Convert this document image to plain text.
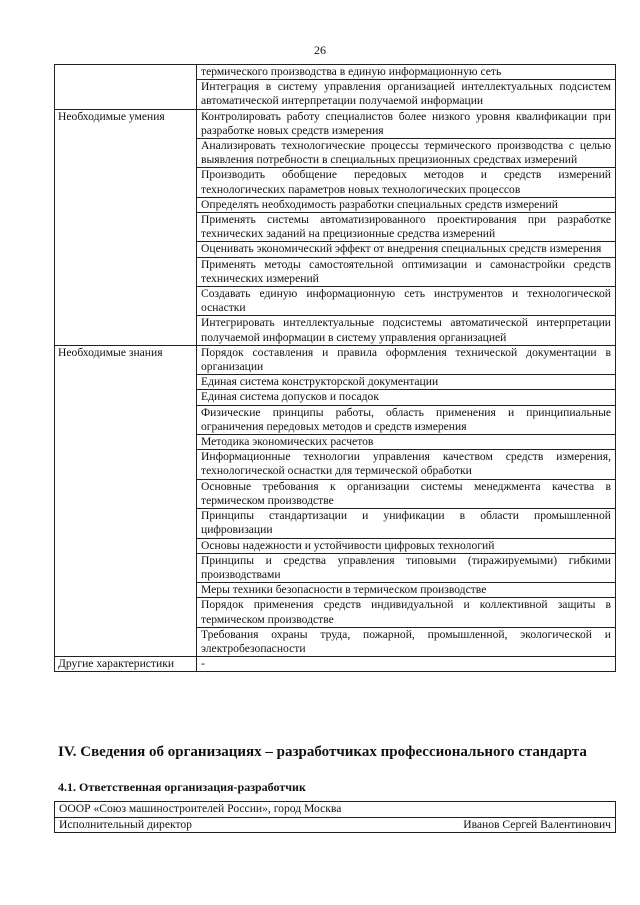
26
	термического производства в единую информационную сеть
	Интеграция в систему управления организацией интеллектуальных подсистем автоматической интерпретации получаемой информации
Необходимые умения	Контролировать работу специалистов более низкого уровня квалификации при разработке новых средств измерения
	Анализировать технологические процессы термического производства с целью выявления потребности в специальных прецизионных средствах измерений
	Производить обобщение передовых методов и средств измерений технологических параметров новых технологических процессов
	Определять необходимость разработки специальных средств измерений
	Применять системы автоматизированного проектирования при разработке технических заданий на прецизионные средства измерений
	Оценивать экономический эффект от внедрения специальных средств измерения
	Применять методы самостоятельной оптимизации и самонастройки средств технических измерений
	Создавать единую информационную сеть инструментов и технологической оснастки
	Интегрировать интеллектуальные подсистемы автоматической интерпретации получаемой информации в систему управления организацией
Необходимые знания	Порядок составления и правила оформления технической документации в организации
	Единая система конструкторской документации
	Единая система допусков и посадок
	Физические принципы работы, область применения и принципиальные ограничения передовых методов и средств измерения
	Методика экономических расчетов
	Информационные технологии управления качеством средств измерения, технологической оснастки для термической обработки
	Основные требования к организации системы менеджмента качества в термическом производстве
	Принципы стандартизации и унификации в области промышленной цифровизации
	Основы надежности и устойчивости цифровых технологий
	Принципы и средства управления типовыми (тиражируемыми) гибкими производствами
	Меры техники безопасности в термическом производстве
	Порядок применения средств индивидуальной и коллективной защиты в термическом производстве
	Требования охраны труда, пожарной, промышленной, экологической и электробезопасности
Другие характеристики	-
IV. Сведения об организациях – разработчиках профессионального стандарта
4.1. Ответственная организация-разработчик
ОООР «Союз машиностроителей России», город Москва

Исполнительный директор	Иванов Сергей Валентинович
